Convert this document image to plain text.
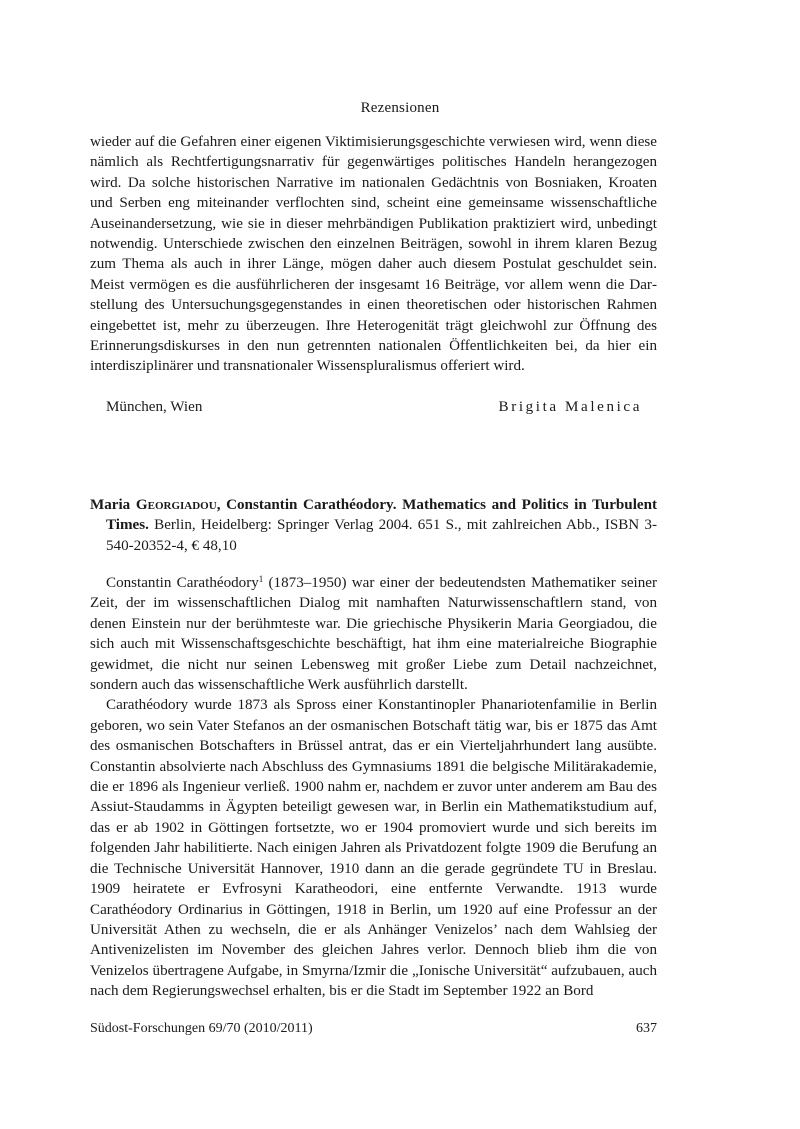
Rezensionen

wieder auf die Gefahren einer eigenen Viktimisierungsgeschichte verwiesen wird, wenn diese nämlich als Rechtfertigungsnarrativ für gegenwärtiges politisches Handeln herangezogen wird. Da solche historischen Narrative im nationalen Gedächtnis von Bosniaken, Kroaten und Serben eng miteinander verflochten sind, scheint eine gemeinsame wissenschaftliche Auseinandersetzung, wie sie in dieser mehrbändigen Publikation praktiziert wird, unbedingt notwendig. Unterschiede zwischen den einzelnen Beiträgen, sowohl in ihrem klaren Bezug zum Thema als auch in ihrer Länge, mögen daher auch diesem Postulat geschuldet sein. Meist vermögen es die ausführlicheren der insgesamt 16 Beiträge, vor allem wenn die Darstellung des Untersuchungsgegenstandes in einen theoretischen oder historischen Rahmen eingebettet ist, mehr zu überzeugen. Ihre Heterogenität trägt gleichwohl zur Öffnung des Erinnerungsdiskurses in den nun getrennten nationalen Öffentlichkeiten bei, da hier ein interdisziplinärer und transnationaler Wissenspluralismus offeriert wird.

München, Wien	Brigita Malenica
Maria Georgiadou, Constantin Carathéodory. Mathematics and Politics in Turbulent Times. Berlin, Heidelberg: Springer Verlag 2004. 651 S., mit zahlreichen Abb., ISBN 3-540-20352-4, € 48,10

Constantin Carathéodory$^1$ (1873–1950) war einer der bedeutendsten Mathematiker seiner Zeit, der im wissenschaftlichen Dialog mit namhaften Naturwissenschaftlern stand, von denen Einstein nur der berühmteste war. Die griechische Physikerin Maria Georgiadou, die sich auch mit Wissenschaftsgeschichte beschäftigt, hat ihm eine materialreiche Biographie gewidmet, die nicht nur seinen Lebensweg mit großer Liebe zum Detail nachzeichnet, sondern auch das wissenschaftliche Werk ausführlich darstellt.

Carathéodory wurde 1873 als Spross einer Konstantinopler Phanariotenfamilie in Berlin geboren, wo sein Vater Stefanos an der osmanischen Botschaft tätig war, bis er 1875 das Amt des osmanischen Botschafters in Brüssel antrat, das er ein Vierteljahrhundert lang ausübte. Constantin absolvierte nach Abschluss des Gymnasiums 1891 die belgische Militärakademie, die er 1896 als Ingenieur verließ. 1900 nahm er, nachdem er zuvor unter anderem am Bau des Assiut-Staudamms in Ägypten beteiligt gewesen war, in Berlin ein Mathematikstudium auf, das er ab 1902 in Göttingen fortsetzte, wo er 1904 promoviert wurde und sich bereits im folgenden Jahr habilitierte. Nach einigen Jahren als Privatdozent folgte 1909 die Berufung an die Technische Universität Hannover, 1910 dann an die gerade gegründete TU in Breslau. 1909 heiratete er Evfrosyni Karatheodori, eine entfernte Verwandte. 1913 wurde Carathéodory Ordinarius in Göttingen, 1918 in Berlin, um 1920 auf eine Professur an der Universität Athen zu wechseln, die er als Anhänger Venizelos’ nach dem Wahlsieg der Antivenizelisten im November des gleichen Jahres verlor. Dennoch blieb ihm die von Venizelos übertragene Aufgabe, in Smyrna/Izmir die „Ionische Universität“ aufzubauen, auch nach dem Regierungswechsel erhalten, bis er die Stadt im September 1922 an Bord

Südost-Forschungen 69/70 (2010/2011)	637
